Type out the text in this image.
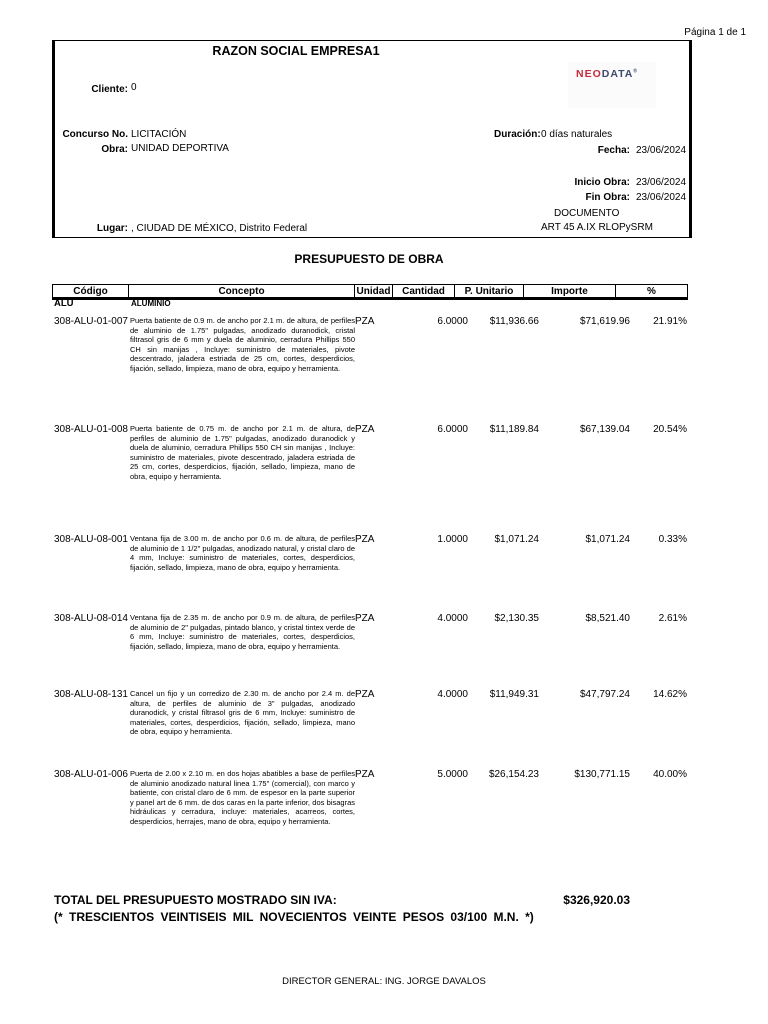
Página 1 de 1
RAZON SOCIAL EMPRESA1
NEODATA®
Cliente: 0
Concurso No. LICITACIÓN
Obra: UNIDAD DEPORTIVA
Duración: 0 días naturales
Fecha: 23/06/2024
Inicio Obra: 23/06/2024
Fin Obra: 23/06/2024
DOCUMENTO
ART 45 A.IX RLOPySRM
Lugar: , CIUDAD DE MÉXICO, Distrito Federal
PRESUPUESTO DE OBRA
Código	Concepto	Unidad	Cantidad	P. Unitario	Importe	%
ALU	ALUMINIO
308-ALU-01-007 Puerta batiente de 0.9 m. de ancho por 2.1 m. de altura, de perfiles de aluminio de 1.75" pulgadas, anodizado duranodick, cristal filtrasol gris de 6 mm y duela de aluminio, cerradura Phillips 550 CH sin manijas , Incluye: suministro de materiales, pivote descentrado, jaladera estriada de 25 cm, cortes, desperdicios, fijación, sellado, limpieza, mano de obra, equipo y herramienta.
PZA	6.0000 $11,936.66	$71,619.96 21.91%
308-ALU-01-008 Puerta batiente de 0.75 m. de ancho por 2.1 m. de altura, de perfiles de aluminio de 1.75" pulgadas, anodizado duranodick y duela de aluminio, cerradura Phillips 550 CH sin manijas , Incluye: suministro de materiales, pivote descentrado, jaladera estriada de 25 cm, cortes, desperdicios, fijación, sellado, limpieza, mano de obra, equipo y herramienta.
PZA	6.0000 $11,189.84	$67,139.04 20.54%
308-ALU-08-001 Ventana fija de 3.00 m. de ancho por 0.6 m. de altura, de perfiles de aluminio de 1 1/2" pulgadas, anodizado natural, y cristal claro de 4 mm, Incluye: suministro de materiales, cortes, desperdicios, fijación, sellado, limpieza, mano de obra, equipo y herramienta.
PZA	1.0000	$1,071.24	$1,071.24	0.33%
308-ALU-08-014 Ventana fija de 2.35 m. de ancho por 0.9 m. de altura, de perfiles de aluminio de 2" pulgadas, pintado blanco, y cristal tintex verde de 6 mm, Incluye: suministro de materiales, cortes, desperdicios, fijación, sellado, limpieza, mano de obra, equipo y herramienta.
PZA	4.0000	$2,130.35	$8,521.40	2.61%
308-ALU-08-131 Cancel un fijo y un corredizo de 2.30 m. de ancho por 2.4 m. de altura, de perfiles de aluminio de 3" pulgadas, anodizado duranodick, y cristal filtrasol gris de 6 mm, Incluye: suministro de materiales, cortes, desperdicios, fijación, sellado, limpieza, mano de obra, equipo y herramienta.
PZA	4.0000 $11,949.31	$47,797.24 14.62%
308-ALU-01-006 Puerta de 2.00 x 2.10 m. en dos hojas abatibles a base de perfiles de aluminio anodizado natural linea 1.75" (comercial), con marco y batiente, con cristal claro de 6 mm. de espesor en la parte superior y panel art de 6 mm. de dos caras en la parte inferior, dos bisagras hidráulicas y cerradura, incluye: materiales, acarreos, cortes, desperdicios, herrajes, mano de obra, equipo y herramienta.
PZA	5.0000 $26,154.23	$130,771.15 40.00%
TOTAL DEL PRESUPUESTO MOSTRADO SIN IVA:	$326,920.03
(* TRESCIENTOS VEINTISEIS MIL NOVECIENTOS VEINTE PESOS 03/100 M.N. *)
DIRECTOR GENERAL: ING. JORGE DAVALOS
